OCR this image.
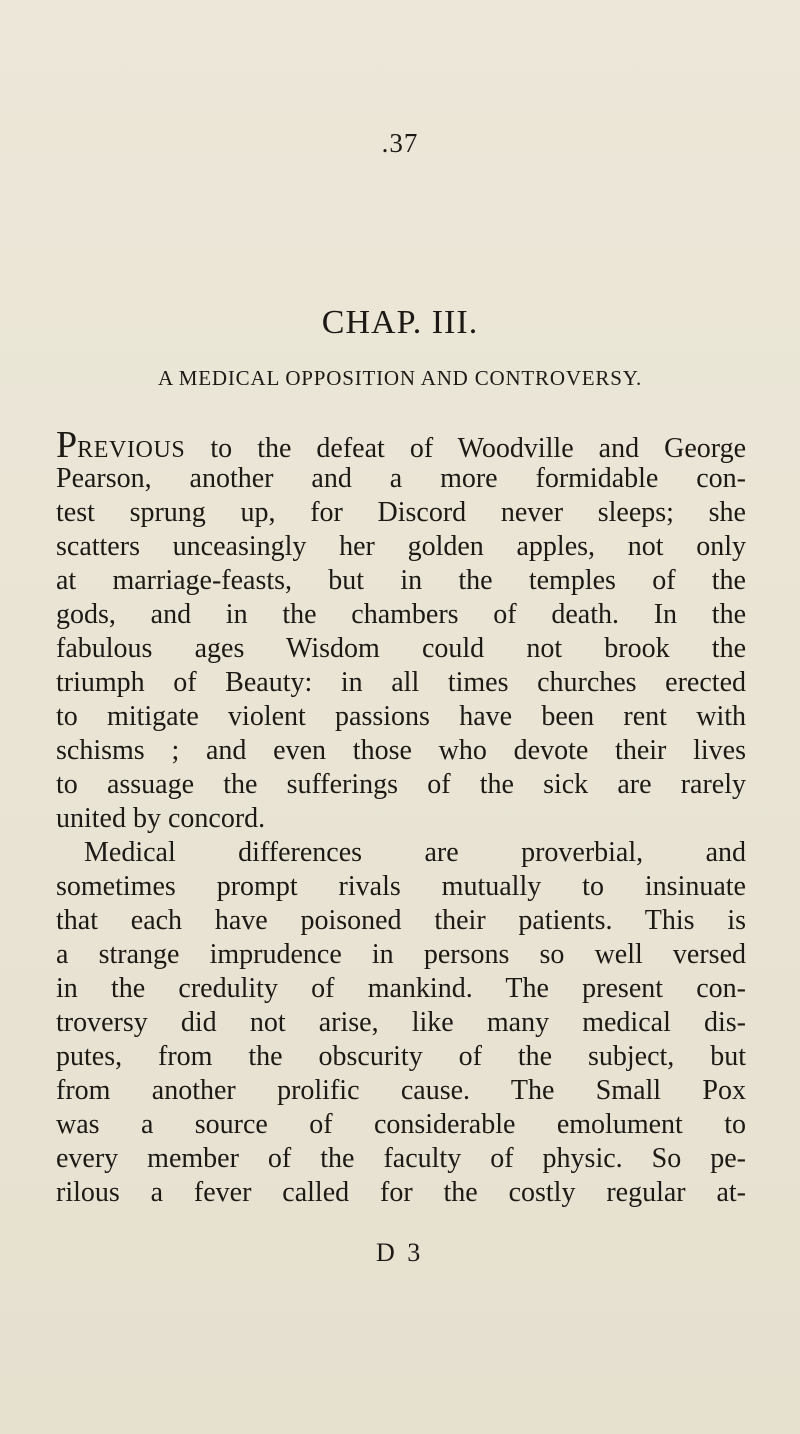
.37
CHAP. III.
A MEDICAL OPPOSITION AND CONTROVERSY.
PREVIOUS to the defeat of Woodville and George
Pearson, another and a more formidable con-
test sprung up, for Discord never sleeps; she
scatters unceasingly her golden apples, not only
at marriage-feasts, but in the temples of the
gods, and in the chambers of death. In the
fabulous ages Wisdom could not brook the
triumph of Beauty: in all times churches erected
to mitigate violent passions have been rent with
schisms ; and even those who devote their lives
to assuage the sufferings of the sick are rarely
united by concord.
Medical differences are proverbial, and
sometimes prompt rivals mutually to insinuate
that each have poisoned their patients. This is
a strange imprudence in persons so well versed
in the credulity of mankind. The present con-
troversy did not arise, like many medical dis-
putes, from the obscurity of the subject, but
from another prolific cause. The Small Pox
was a source of considerable emolument to
every member of the faculty of physic. So pe-
rilous a fever called for the costly regular at-
D 3
